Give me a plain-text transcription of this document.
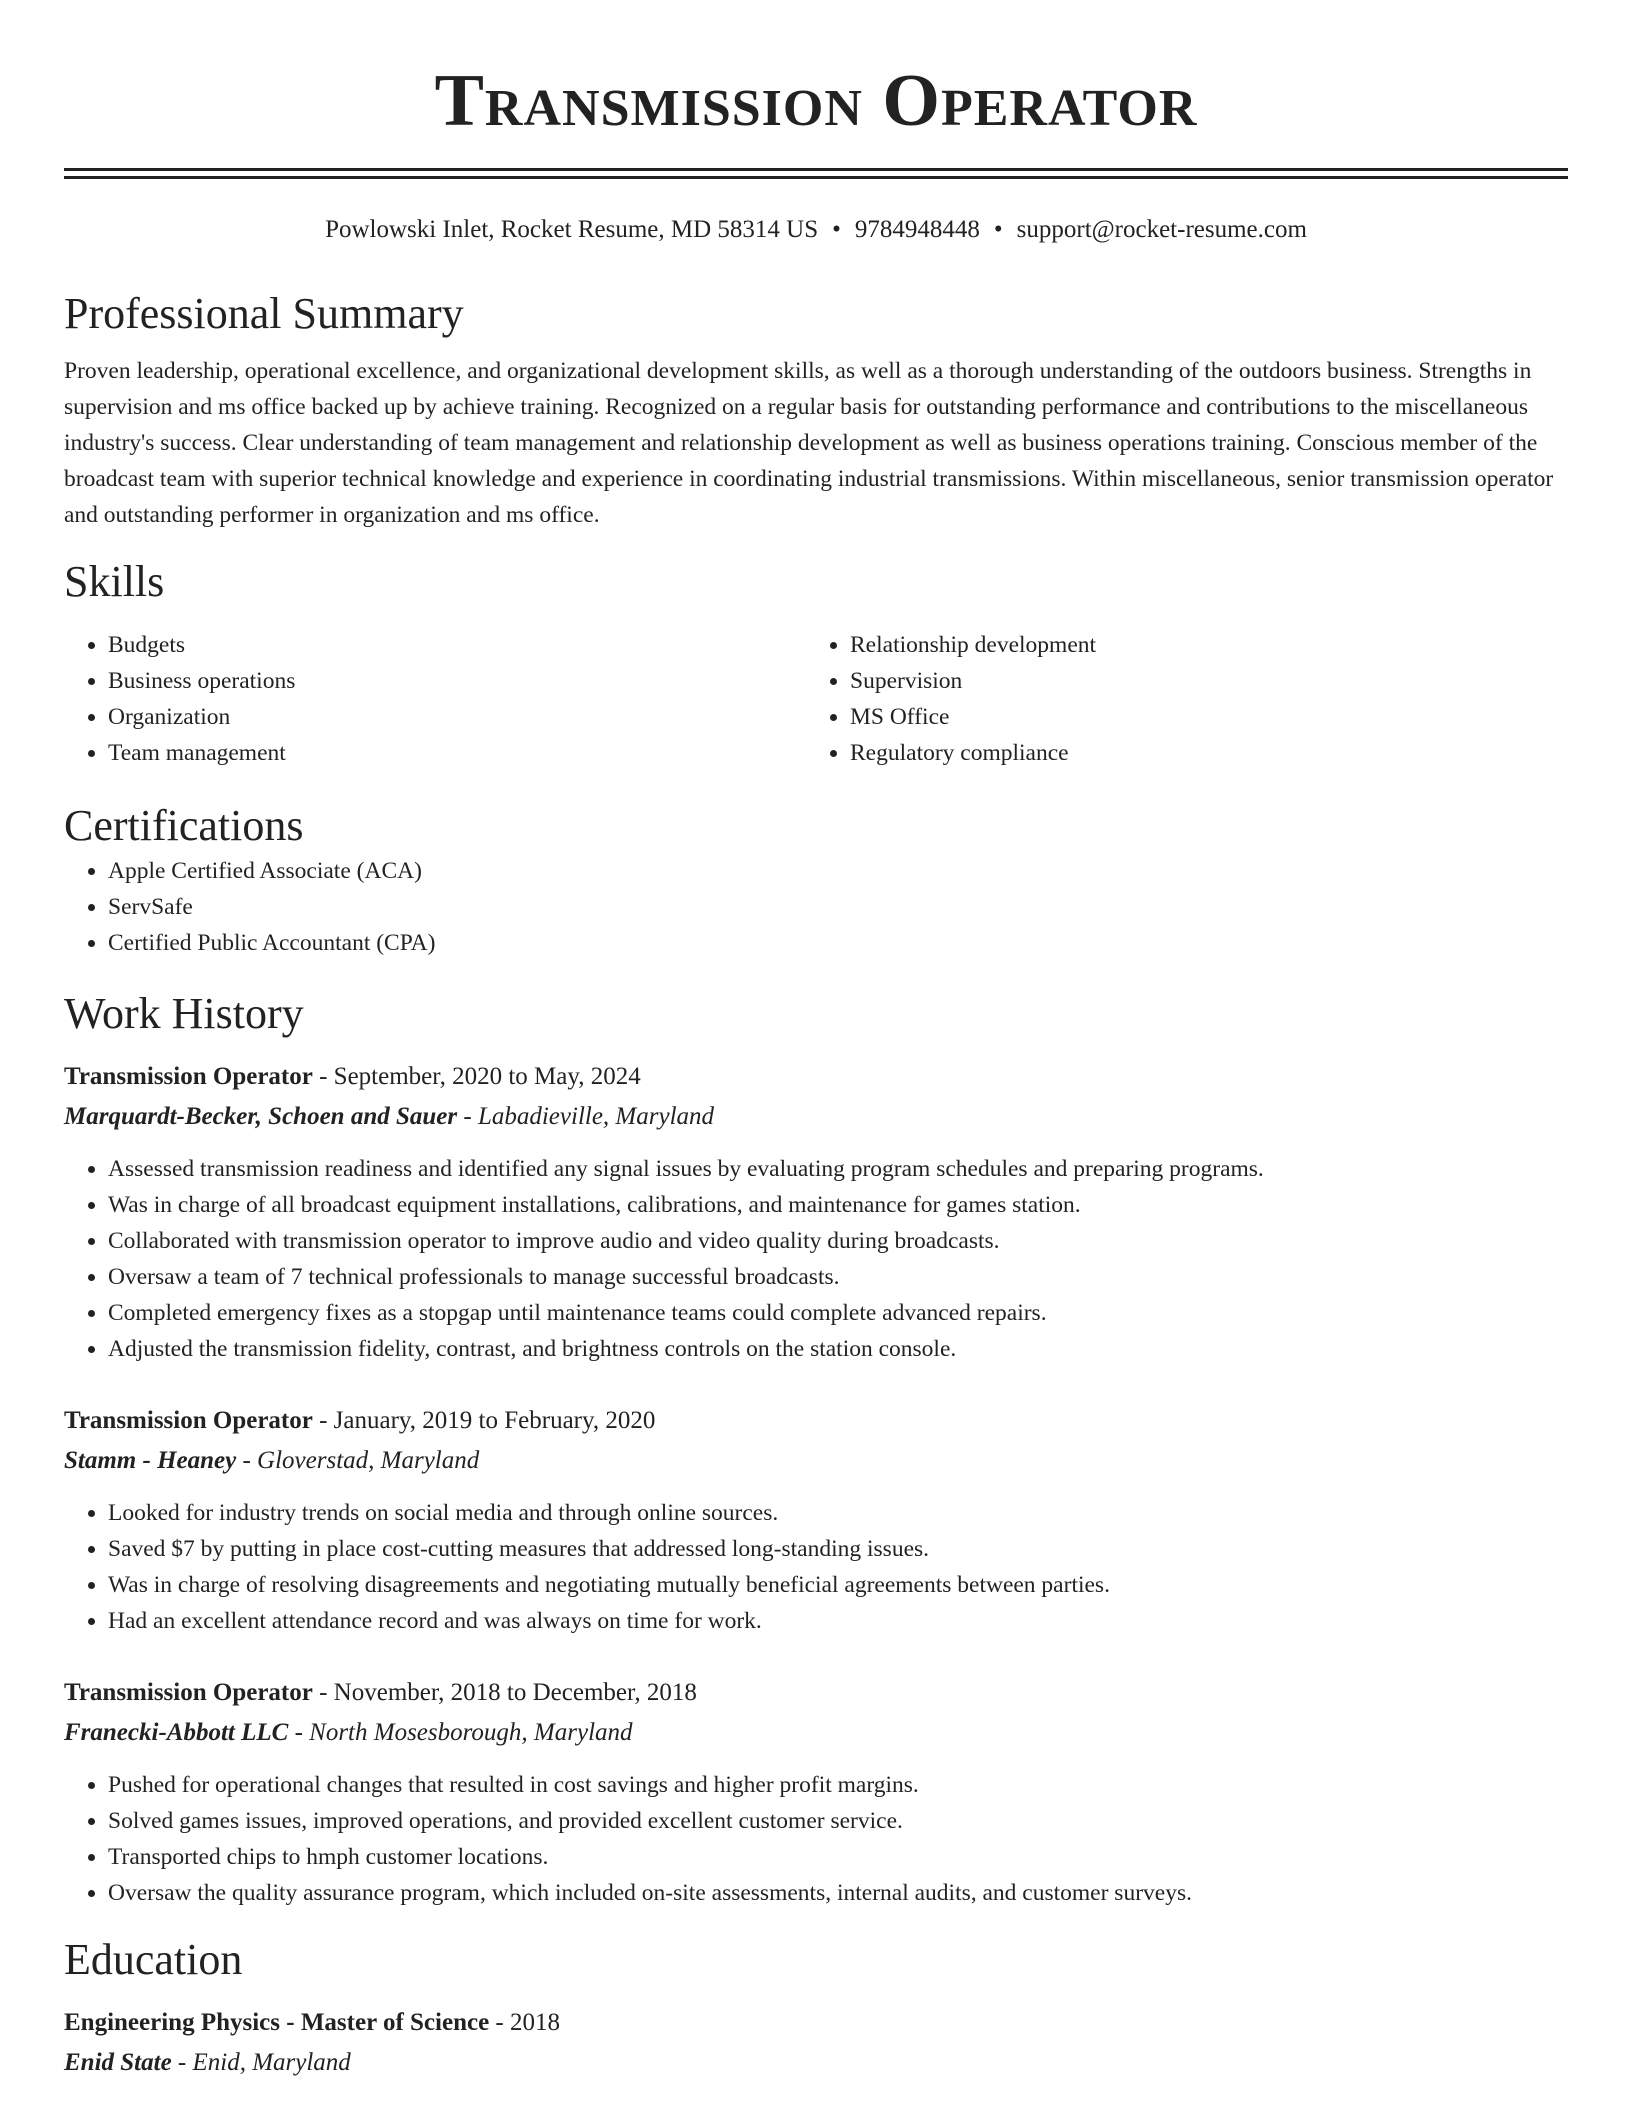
Transmission Operator
Powlowski Inlet, Rocket Resume, MD 58314 US • 9784948448 • support@rocket-resume.com
Professional Summary

Proven leadership, operational excellence, and organizational development skills, as well as a thorough understanding of the outdoors business. Strengths in supervision and ms office backed up by achieve training. Recognized on a regular basis for outstanding performance and contributions to the miscellaneous industry's success. Clear understanding of team management and relationship development as well as business operations training. Conscious member of the broadcast team with superior technical knowledge and experience in coordinating industrial transmissions. Within miscellaneous, senior transmission operator and outstanding performer in organization and ms office.

Skills
• Budgets
• Business operations
• Organization
• Team management
• Relationship development
• Supervision
• MS Office
• Regulatory compliance
Certifications
• Apple Certified Associate (ACA)
• ServSafe
• Certified Public Accountant (CPA)
Work History
Transmission Operator - September, 2020 to May, 2024
Marquardt-Becker, Schoen and Sauer - Labadieville, Maryland
• Assessed transmission readiness and identified any signal issues by evaluating program schedules and preparing programs.
• Was in charge of all broadcast equipment installations, calibrations, and maintenance for games station.
• Collaborated with transmission operator to improve audio and video quality during broadcasts.
• Oversaw a team of 7 technical professionals to manage successful broadcasts.
• Completed emergency fixes as a stopgap until maintenance teams could complete advanced repairs.
• Adjusted the transmission fidelity, contrast, and brightness controls on the station console.
Transmission Operator - January, 2019 to February, 2020
Stamm - Heaney - Gloverstad, Maryland
• Looked for industry trends on social media and through online sources.
• Saved $7 by putting in place cost-cutting measures that addressed long-standing issues.
• Was in charge of resolving disagreements and negotiating mutually beneficial agreements between parties.
• Had an excellent attendance record and was always on time for work.
Transmission Operator - November, 2018 to December, 2018
Franecki-Abbott LLC - North Mosesborough, Maryland
• Pushed for operational changes that resulted in cost savings and higher profit margins.
• Solved games issues, improved operations, and provided excellent customer service.
• Transported chips to hmph customer locations.
• Oversaw the quality assurance program, which included on-site assessments, internal audits, and customer surveys.
Education
Engineering Physics - Master of Science - 2018
Enid State - Enid, Maryland
